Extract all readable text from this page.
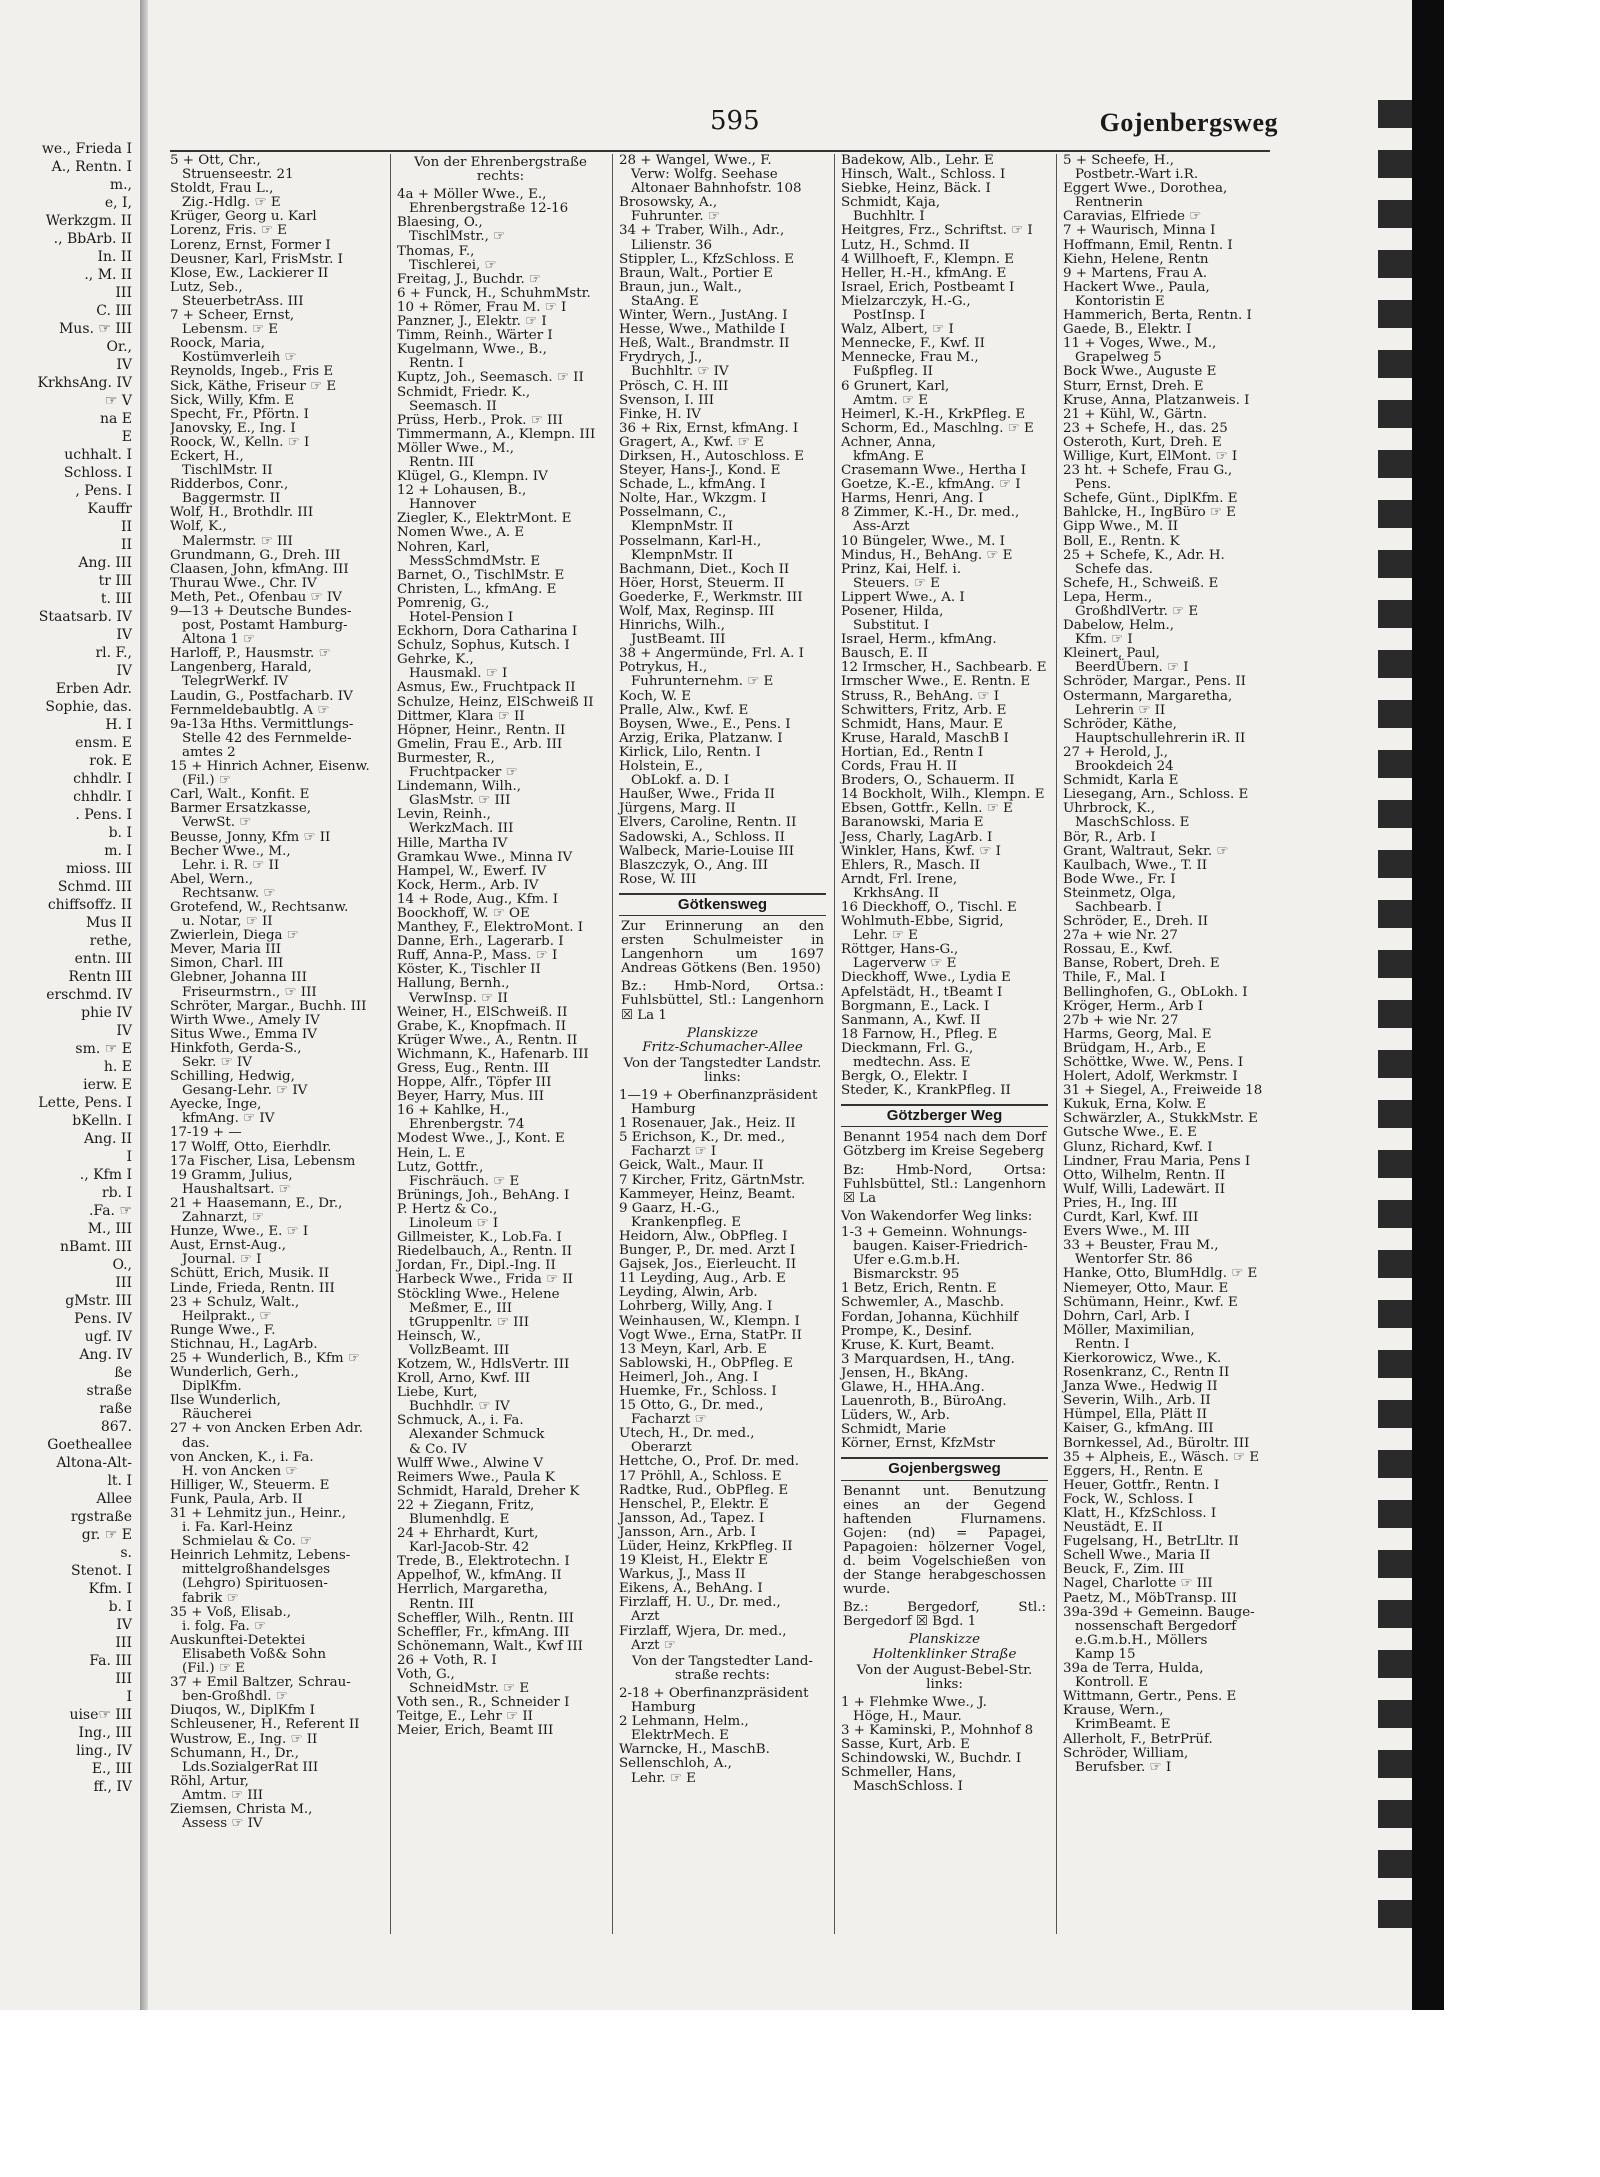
we., Frieda I
A., Rentn. I
m.,
e, I,
Werkzgm. II
., BbArb. II
In. II
., M. II
III
C. III
Mus. ☞ III
Or.,
IV
KrkhsAng. IV
☞ V
na E
E
uchhalt. I
Schloss. I
, Pens. I
Kauffr
II
II
Ang. III
tr III
t. III
Staatsarb. IV
IV
rl. F.,
IV
Erben Adr.
Sophie, das.
H. I
ensm. E
rok. E
chhdlr. I
chhdlr. I
. Pens. I
b. I
m. I
mioss. III
Schmd. III
chiffsoffz. II
Mus II
rethe,
entn. III
Rentn III
erschmd. IV
phie IV
IV
sm. ☞ E
h. E
ierw. E
Lette, Pens. I
bKelln. I
Ang. II
I
., Kfm I
rb. I
.Fa. ☞
M., III
nBamt. III
O.,
III
gMstr. III
Pens. IV
ugf. IV
Ang. IV
ße
straße
raße
867.
Goetheallee
Altona-Alt-
lt. I
Allee
rgstraße
gr. ☞ E
s.
Stenot. I
Kfm. I
b. I
IV
III
Fa. III
III
I
uise☞ III
Ing., III
ling., IV
E., III
ff., IV
595	Gojenbergsweg
5 + Ott, Chr.,
Struenseestr. 21
Stoldt, Frau L.,
Zig.-Hdlg. ☞ E
Krüger, Georg u. Karl
Lorenz, Fris. ☞ E
Lorenz, Ernst, Former I
Deusner, Karl, FrisMstr. I
Klose, Ew., Lackierer II
Lutz, Seb.,
SteuerbetrAss. III
7 + Scheer, Ernst,
Lebensm. ☞ E
Roock, Maria,
Kostümverleih ☞
Reynolds, Ingeb., Fris E
Sick, Käthe, Friseur ☞ E
Sick, Willy, Kfm. E
Specht, Fr., Pförtn. I
Janovsky, E., Ing. I
Roock, W., Kelln. ☞ I
Eckert, H.,
TischlMstr. II
Ridderbos, Conr.,
Baggermstr. II
Wolf, H., Brothdlr. III
Wolf, K.,
Malermstr. ☞ III
Grundmann, G., Dreh. III
Claasen, John, kfmAng. III
Thurau Wwe., Chr. IV
Meth, Pet., Ofenbau ☞ IV
9—13 + Deutsche Bundes-
post, Postamt Hamburg-
Altona 1 ☞
Harloff, P., Hausmstr. ☞
Langenberg, Harald,
TelegrWerkf. IV
Laudin, G., Postfacharb. IV
Fernmeldebaubtlg. A ☞
9a-13a Hths. Vermittlungs-
Stelle 42 des Fernmelde-
amtes 2
15 + Hinrich Achner, Eisenw.
(Fil.) ☞
Carl, Walt., Konfit. E
Barmer Ersatzkasse,
VerwSt. ☞
Beusse, Jonny, Kfm ☞ II
Becher Wwe., M.,
Lehr. i. R. ☞ II
Abel, Wern.,
Rechtsanw. ☞
Grotefend, W., Rechtsanw.
u. Notar, ☞ II
Zwierlein, Diega ☞
Mever, Maria III
Simon, Charl. III
Glebner, Johanna III
Friseurmstrn., ☞ III
Schröter, Margar., Buchh. III
Wirth Wwe., Amely IV
Situs Wwe., Emma IV
Hinkfoth, Gerda-S.,
Sekr. ☞ IV
Schilling, Hedwig,
Gesang-Lehr. ☞ IV
Ayecke, Inge,
kfmAng. ☞ IV
17-19 + —
17 Wolff, Otto, Eierhdlr.
17a Fischer, Lisa, Lebensm
19 Gramm, Julius,
Haushaltsart. ☞
21 + Haasemann, E., Dr.,
Zahnarzt, ☞
Hunze, Wwe., E. ☞ I
Aust, Ernst-Aug.,
Journal. ☞ I
Schütt, Erich, Musik. II
Linde, Frieda, Rentn. III
23 + Schulz, Walt.,
Heilprakt., ☞
Runge Wwe., F.
Stichnau, H., LagArb.
25 + Wunderlich, B., Kfm ☞
Wunderlich, Gerh.,
DiplKfm.
Ilse Wunderlich,
Räucherei
27 + von Ancken Erben Adr.
das.
von Ancken, K., i. Fa.
H. von Ancken ☞
Hilliger, W., Steuerm. E
Funk, Paula, Arb. II
31 + Lehmitz jun., Heinr.,
i. Fa. Karl-Heinz
Schmielau & Co. ☞
Heinrich Lehmitz, Lebens-
mittelgroßhandelsges
(Lehgro) Spirituosen-
fabrik ☞
35 + Voß, Elisab.,
i. folg. Fa. ☞
Auskunftei-Detektei
Elisabeth Voß& Sohn
(Fil.) ☞ E
37 + Emil Baltzer, Schrau-
ben-Großhdl. ☞
Diuqos, W., DiplKfm I
Schleusener, H., Referent II
Wustrow, E., Ing. ☞ II
Schumann, H., Dr.,
Lds.SozialgerRat III
Röhl, Artur,
Amtm. ☞ III
Ziemsen, Christa M.,
Assess ☞ IV
Von der Ehrenbergstraße
rechts:
4a + Möller Wwe., E.,
Ehrenbergstraße 12-16
Blaesing, O.,
TischlMstr., ☞
Thomas, F.,
Tischlerei, ☞
Freitag, J., Buchdr. ☞
6 + Funck, H., SchuhmMstr.
10 + Römer, Frau M. ☞ I
Panzner, J., Elektr. ☞ I
Timm, Reinh., Wärter I
Kugelmann, Wwe., B.,
Rentn. I
Kuptz, Joh., Seemasch. ☞ II
Schmidt, Friedr. K.,
Seemasch. II
Prüss, Herb., Prok. ☞ III
Timmermann, A., Klempn. III
Möller Wwe., M.,
Rentn. III
Klügel, G., Klempn. IV
12 + Lohausen, B.,
Hannover
Ziegler, K., ElektrMont. E
Nomen Wwe., A. E
Nohren, Karl,
MessSchmdMstr. E
Barnet, O., TischlMstr. E
Christen, L., kfmAng. E
Pomrenig, G.,
Hotel-Pension I
Eckhorn, Dora Catharina I
Schulz, Sophus, Kutsch. I
Gehrke, K.,
Hausmakl. ☞ I
Asmus, Ew., Fruchtpack II
Schulze, Heinz, ElSchweiß II
Dittmer, Klara ☞ II
Höpner, Heinr., Rentn. II
Gmelin, Frau E., Arb. III
Burmester, R.,
Fruchtpacker ☞
Lindemann, Wilh.,
GlasMstr. ☞ III
Levin, Reinh.,
WerkzMach. III
Hille, Martha IV
Gramkau Wwe., Minna IV
Hampel, W., Ewerf. IV
Kock, Herm., Arb. IV
14 + Rode, Aug., Kfm. I
Boockhoff, W. ☞ OE
Manthey, F., ElektroMont. I
Danne, Erh., Lagerarb. I
Ruff, Anna-P., Mass. ☞ I
Köster, K., Tischler II
Hallung, Bernh.,
VerwInsp. ☞ II
Weiner, H., ElSchweiß. II
Grabe, K., Knopfmach. II
Krüger Wwe., A., Rentn. II
Wichmann, K., Hafenarb. III
Gress, Eug., Rentn. III
Hoppe, Alfr., Töpfer III
Beyer, Harry, Mus. III
16 + Kahlke, H.,
Ehrenbergstr. 74
Modest Wwe., J., Kont. E
Hein, L. E
Lutz, Gottfr.,
Fischräuch. ☞ E
Brünings, Joh., BehAng. I
P. Hertz & Co.,
Linoleum ☞ I
Gillmeister, K., Lob.Fa. I
Riedelbauch, A., Rentn. II
Jordan, Fr., Dipl.-Ing. II
Harbeck Wwe., Frida ☞ II
Stöckling Wwe., Helene
Meßmer, E., III
tGruppenltr. ☞ III
Heinsch, W.,
VollzBeamt. III
Kotzem, W., HdlsVertr. III
Kroll, Arno, Kwf. III
Liebe, Kurt,
Buchhdlr. ☞ IV
Schmuck, A., i. Fa.
Alexander Schmuck
& Co. IV
Wulff Wwe., Alwine V
Reimers Wwe., Paula K
Schmidt, Harald, Dreher K
22 + Ziegann, Fritz,
Blumenhdlg. E
24 + Ehrhardt, Kurt,
Karl-Jacob-Str. 42
Trede, B., Elektrotechn. I
Appelhof, W., kfmAng. II
Herrlich, Margaretha,
Rentn. III
Scheffler, Wilh., Rentn. III
Scheffler, Fr., kfmAng. III
Schönemann, Walt., Kwf III
26 + Voth, R. I
Voth, G.,
SchneidMstr. ☞ E
Voth sen., R., Schneider I
Teitge, E., Lehr ☞ II
Meier, Erich, Beamt III
28 + Wangel, Wwe., F.
Verw: Wolfg. Seehase
Altonaer Bahnhofstr. 108
Brosowsky, A.,
Fuhrunter. ☞
34 + Traber, Wilh., Adr.,
Lilienstr. 36
Stippler, L., KfzSchloss. E
Braun, Walt., Portier E
Braun, jun., Walt.,
StaAng. E
Winter, Wern., JustAng. I
Hesse, Wwe., Mathilde I
Heß, Walt., Brandmstr. II
Frydrych, J.,
Buchhltr. ☞ IV
Prösch, C. H. III
Svenson, I. III
Finke, H. IV
36 + Rix, Ernst, kfmAng. I
Gragert, A., Kwf. ☞ E
Dirksen, H., Autoschloss. E
Steyer, Hans-J., Kond. E
Schade, L., kfmAng. I
Nolte, Har., Wkzgm. I
Posselmann, C.,
KlempnMstr. II
Posselmann, Karl-H.,
KlempnMstr. II
Bachmann, Diet., Koch II
Höer, Horst, Steuerm. II
Goederke, F., Werkmstr. III
Wolf, Max, Reginsp. III
Hinrichs, Wilh.,
JustBeamt. III
38 + Angermünde, Frl. A. I
Potrykus, H.,
Fuhrunternehm. ☞ E
Koch, W. E
Pralle, Alw., Kwf. E
Boysen, Wwe., E., Pens. I
Arzig, Erika, Platzanw. I
Kirlick, Lilo, Rentn. I
Holstein, E.,
ObLokf. a. D. I
Haußer, Wwe., Frida II
Jürgens, Marg. II
Elvers, Caroline, Rentn. II
Sadowski, A., Schloss. II
Walbeck, Marie-Louise III
Blaszczyk, O., Ang. III
Rose, W. III
Götkensweg
Zur Erinnerung an den ersten Schulmeister in Langenhorn um 1697 Andreas Götkens (Ben. 1950)
Bz.: Hmb-Nord, Ortsa.: Fuhlsbüttel, Stl.: Langenhorn ☒ La 1
Planskizze
Fritz-Schumacher-Allee
Von der Tangstedter Landstr.
links:
1—19 + Oberfinanzpräsident
Hamburg
1 Rosenauer, Jak., Heiz. II
5 Erichson, K., Dr. med.,
Facharzt ☞ I
Geick, Walt., Maur. II
7 Kircher, Fritz, GärtnMstr.
Kammeyer, Heinz, Beamt.
9 Gaarz, H.-G.,
Krankenpfleg. E
Heidorn, Alw., ObPfleg. I
Bunger, P., Dr. med. Arzt I
Gajsek, Jos., Eierleucht. II
11 Leyding, Aug., Arb. E
Leyding, Alwin, Arb.
Lohrberg, Willy, Ang. I
Weinhausen, W., Klempn. I
Vogt Wwe., Erna, StatPr. II
13 Meyn, Karl, Arb. E
Sablowski, H., ObPfleg. E
Heimerl, Joh., Ang. I
Huemke, Fr., Schloss. I
15 Otto, G., Dr. med.,
Facharzt ☞
Utech, H., Dr. med.,
Oberarzt
Hettche, O., Prof. Dr. med.
17 Pröhll, A., Schloss. E
Radtke, Rud., ObPfleg. E
Henschel, P., Elektr. E
Jansson, Ad., Tapez. I
Jansson, Arn., Arb. I
Lüder, Heinz, KrkPfleg. II
19 Kleist, H., Elektr E
Warkus, J., Mass II
Eikens, A., BehAng. I
Firzlaff, H. U., Dr. med.,
Arzt
Firzlaff, Wjera, Dr. med.,
Arzt ☞
Von der Tangstedter Land-
straße rechts:
2-18 + Oberfinanzpräsident
Hamburg
2 Lehmann, Helm.,
ElektrMech. E
Warncke, H., MaschB.
Sellenschloh, A.,
Lehr. ☞ E
Badekow, Alb., Lehr. E
Hinsch, Walt., Schloss. I
Siebke, Heinz, Bäck. I
Schmidt, Kaja,
Buchhltr. I
Heitgres, Frz., Schriftst. ☞ I
Lutz, H., Schmd. II
4 Willhoeft, F., Klempn. E
Heller, H.-H., kfmAng. E
Israel, Erich, Postbeamt I
Mielzarczyk, H.-G.,
PostInsp. I
Walz, Albert, ☞ I
Mennecke, F., Kwf. II
Mennecke, Frau M.,
Fußpfleg. II
6 Grunert, Karl,
Amtm. ☞ E
Heimerl, K.-H., KrkPfleg. E
Schorm, Ed., Maschlng. ☞ E
Achner, Anna,
kfmAng. E
Crasemann Wwe., Hertha I
Goetze, K.-E., kfmAng. ☞ I
Harms, Henri, Ang. I
8 Zimmer, K.-H., Dr. med.,
Ass-Arzt
10 Büngeler, Wwe., M. I
Mindus, H., BehAng. ☞ E
Prinz, Kai, Helf. i.
Steuers. ☞ E
Lippert Wwe., A. I
Posener, Hilda,
Substitut. I
Israel, Herm., kfmAng.
Bausch, E. II
12 Irmscher, H., Sachbearb. E
Irmscher Wwe., E. Rentn. E
Struss, R., BehAng. ☞ I
Schwitters, Fritz, Arb. E
Schmidt, Hans, Maur. E
Kruse, Harald, MaschB I
Hortian, Ed., Rentn I
Cords, Frau H. II
Broders, O., Schauerm. II
14 Bockholt, Wilh., Klempn. E
Ebsen, Gottfr., Kelln. ☞ E
Baranowski, Maria E
Jess, Charly, LagArb. I
Winkler, Hans, Kwf. ☞ I
Ehlers, R., Masch. II
Arndt, Frl. Irene,
KrkhsAng. II
16 Dieckhoff, O., Tischl. E
Wohlmuth-Ebbe, Sigrid,
Lehr. ☞ E
Röttger, Hans-G.,
Lagerverw ☞ E
Dieckhoff, Wwe., Lydia E
Apfelstädt, H., tBeamt I
Borgmann, E., Lack. I
Sanmann, A., Kwf. II
18 Farnow, H., Pfleg. E
Dieckmann, Frl. G.,
medtechn. Ass. E
Bergk, O., Elektr. I
Steder, K., KrankPfleg. II
Götzberger Weg
Benannt 1954 nach dem Dorf Götzberg im Kreise Segeberg
Bz: Hmb-Nord, Ortsa: Fuhlsbüttel, Stl.: Langenhorn ☒ La
Von Wakendorfer Weg links:
1-3 + Gemeinn. Wohnungs-
baugen. Kaiser-Friedrich-
Ufer e.G.m.b.H.
Bismarckstr. 95
1 Betz, Erich, Rentn. E
Schwemler, A., Maschb.
Fordan, Johanna, Küchhilf
Prompe, K., Desinf.
Kruse, K. Kurt, Beamt.
3 Marquardsen, H., tAng.
Jensen, H., BkAng.
Glawe, H., HHA.Ang.
Lauenroth, B., BüroAng.
Lüders, W., Arb.
Schmidt, Marie
Körner, Ernst, KfzMstr
Gojenbergsweg
Benannt unt. Benutzung eines an der Gegend haftenden Flurnamens. Gojen: (nd) = Papagei, Papagoien: hölzerner Vogel, d. beim Vogelschießen von der Stange herabgeschossen wurde.
Bz.: Bergedorf, Stl.: Bergedorf ☒ Bgd. 1
Planskizze
Holtenklinker Straße
Von der August-Bebel-Str.
links:
1 + Flehmke Wwe., J.
Höge, H., Maur.
3 + Kaminski, P., Mohnhof 8
Sasse, Kurt, Arb. E
Schindowski, W., Buchdr. I
Schmeller, Hans,
MaschSchloss. I
5 + Scheefe, H.,
Postbetr.-Wart i.R.
Eggert Wwe., Dorothea,
Rentnerin
Caravias, Elfriede ☞
7 + Waurisch, Minna I
Hoffmann, Emil, Rentn. I
Kiehn, Helene, Rentn
9 + Martens, Frau A.
Hackert Wwe., Paula,
Kontoristin E
Hammerich, Berta, Rentn. I
Gaede, B., Elektr. I
11 + Voges, Wwe., M.,
Grapelweg 5
Bock Wwe., Auguste E
Sturr, Ernst, Dreh. E
Kruse, Anna, Platzanweis. I
21 + Kühl, W., Gärtn.
23 + Schefe, H., das. 25
Osteroth, Kurt, Dreh. E
Willige, Kurt, ElMont. ☞ I
23 ht. + Schefe, Frau G.,
Pens.
Schefe, Günt., DiplKfm. E
Bahlcke, H., IngBüro ☞ E
Gipp Wwe., M. II
Boll, E., Rentn. K
25 + Schefe, K., Adr. H.
Schefe das.
Schefe, H., Schweiß. E
Lepa, Herm.,
GroßhdlVertr. ☞ E
Dabelow, Helm.,
Kfm. ☞ I
Kleinert, Paul,
BeerdÜbern. ☞ I
Schröder, Margar., Pens. II
Ostermann, Margaretha,
Lehrerin ☞ II
Schröder, Käthe,
Hauptschullehrerin iR. II
27 + Herold, J.,
Brookdeich 24
Schmidt, Karla E
Liesegang, Arn., Schloss. E
Uhrbrock, K.,
MaschSchloss. E
Bör, R., Arb. I
Grant, Waltraut, Sekr. ☞
Kaulbach, Wwe., T. II
Bode Wwe., Fr. I
Steinmetz, Olga,
Sachbearb. I
Schröder, E., Dreh. II
27a + wie Nr. 27
Rossau, E., Kwf.
Banse, Robert, Dreh. E
Thile, F., Mal. I
Bellinghofen, G., ObLokh. I
Kröger, Herm., Arb I
27b + wie Nr. 27
Harms, Georg, Mal. E
Brüdgam, H., Arb., E
Schöttke, Wwe. W., Pens. I
Holert, Adolf, Werkmstr. I
31 + Siegel, A., Freiweide 18
Kukuk, Erna, Kolw. E
Schwärzler, A., StukkMstr. E
Gutsche Wwe., E. E
Glunz, Richard, Kwf. I
Lindner, Frau Maria, Pens I
Otto, Wilhelm, Rentn. II
Wulf, Willi, Ladewärt. II
Pries, H., Ing. III
Curdt, Karl, Kwf. III
Evers Wwe., M. III
33 + Beuster, Frau M.,
Wentorfer Str. 86
Hanke, Otto, BlumHdlg. ☞ E
Niemeyer, Otto, Maur. E
Schümann, Heinr., Kwf. E
Dohrn, Carl, Arb. I
Möller, Maximilian,
Rentn. I
Kierkorowicz, Wwe., K.
Rosenkranz, C., Rentn II
Janza Wwe., Hedwig II
Severin, Wilh., Arb. II
Hümpel, Ella, Plätt II
Kaiser, G., kfmAng. III
Bornkessel, Ad., Büroltr. III
35 + Alpheis, E., Wäsch. ☞ E
Eggers, H., Rentn. E
Heuer, Gottfr., Rentn. I
Fock, W., Schloss. I
Klatt, H., KfzSchloss. I
Neustädt, E. II
Fugelsang, H., BetrLltr. II
Schell Wwe., Maria II
Beuck, F., Zim. III
Nagel, Charlotte ☞ III
Paetz, M., MöbTransp. III
39a-39d + Gemeinn. Bauge-
nossenschaft Bergedorf
e.G.m.b.H., Möllers
Kamp 15
39a de Terra, Hulda,
Kontroll. E
Wittmann, Gertr., Pens. E
Krause, Wern.,
KrimBeamt. E
Allerholt, F., BetrPrüf.
Schröder, William,
Berufsber. ☞ I
